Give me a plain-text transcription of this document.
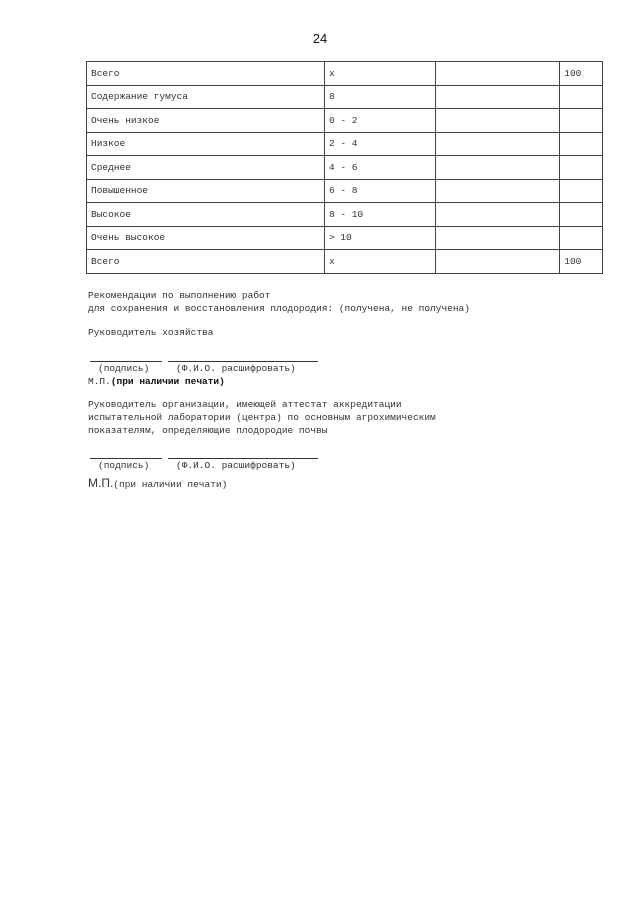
24
Всего	x		100
Содержание гумуса	8		
Очень низкое	0 - 2		
Низкое	2 - 4		
Среднее	4 - 6		
Повышенное	6 - 8		
Высокое	8 - 10		
Очень высокое	> 10		
Всего	x		100
Рекомендации по выполнению работ
для сохранения и восстановления плодородия: (получена, не получена)
Руководитель хозяйства
(подпись)	(Ф.И.О. расшифровать)
М.П.(при наличии печати)
Руководитель организации, имеющей аттестат аккредитации
испытательной лаборатории (центра) по основным агрохимическим
показателям, определяющие плодородие почвы
(подпись)	(Ф.И.О. расшифровать)
М.П.(при наличии печати)
